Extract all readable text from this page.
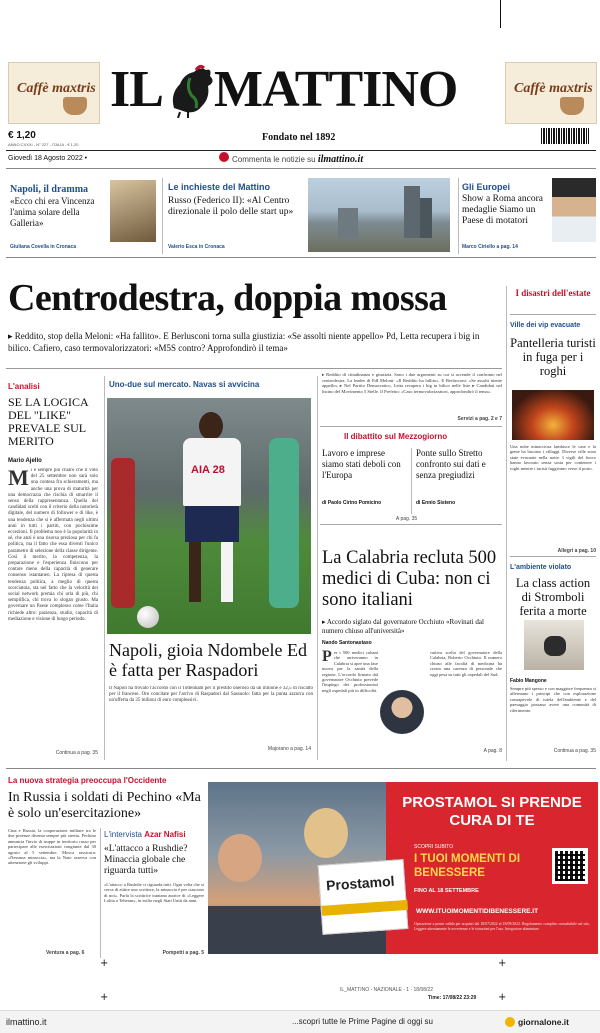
Caffè maxtris	Caffè maxtris
IL MATTINO
€ 1,20
ANNO CXXXI - N° 227 - ITALIA - € 1,20
Fondato nel 1892
Giovedì 18 Agosto 2022 •	Commenta le notizie su ilmattino.it
Napoli, il dramma
«Ecco chi era Vincenza l'anima solare della Galleria»
Giuliana Covella in Cronaca
Le inchieste del Mattino
Russo (Federico II): «Al Centro direzionale il polo delle start up»
Valerio Esca in Cronaca
Gli Europei
Show a Roma ancora medaglie Siamo un Paese di motatori
Marco Ciriello a pag. 14
Centrodestra, doppia mossa
▸ Reddito, stop della Meloni: «Ha fallito». E Berlusconi torna sulla giustizia: «Se assolti niente appello» Pd, Letta recupera i big in bilico. Cafiero, caso termovalorizzatori: «M5S contro? Approfondirò il tema»
I disastri dell'estate
Ville dei vip evacuate
Pantelleria turisti in fuga per i roghi
Una nube minacciosa lambisce le case e la gente ha lasciato i villaggi. Diverse ville sono state evacuate nella notte. I vigili del fuoco hanno lavorato senza sosta per contenere i roghi mentre i turisti fuggivano verso il porto.
Allegri a pag. 10
L'ambiente violato
La class action di Stromboli ferita a morte
Fabio Mangone
Sempre più spesso e con maggiore frequenza si affermano i principi che con esplorazione consapevole di tutela dell'ambiente e del paesaggio possano avere una comunità di riferimento.
Continua a pag. 35
L'analisi
SE LA LOGICA DEL "LIKE" PREVALE SUL MERITO
Mario Ajello
Mi è sempre più chiaro che il voto del 25 settembre non sarà solo una contesa fra schieramenti, ma anche una prova di maturità per una democrazia che rischia di smarrire il senso della rappresentanza. Quella dei candidati scelti con il criterio della notorietà digitale, del numero di follower e di like, è una tendenza che si è affermata negli ultimi anni in tutti i partiti, con pochissime eccezioni. Il problema non è la popolarità in sé, che anzi è una risorsa preziosa per chi fa politica, ma il fatto che essa diventi l'unico parametro di selezione della classe dirigente. Così il merito, la competenza, la preparazione e l'esperienza finiscono per contare meno della capacità di generare consenso istantaneo. La ripresa di questa tendenza politica, a meglio di questa scorciatoia, sta nel fatto che la velocità dei social network premia chi urla di più, chi semplifica, chi trova lo slogan giusto. Ma governare un Paese complesso come l'Italia richiede altro: pazienza, studio, capacità di mediazione e visione di lungo periodo.
Continua a pag. 35
Uno-due sul mercato. Navas si avvicina
AIA 28
Napoli, gioia Ndombele Ed è fatta per Raspadori
Il Napoli ha trovato l'accordo con il Tottenham per il prestito oneroso da un milione e 32,5 di riscatto per il francese. Ore concitate per l'arrivo di Raspadori dal Sassuolo: fatta per la punta azzurra con un'offerta da 35 milioni di euro complessivi.
Majorano a pag. 14
▸ Reddito di cittadinanza e giustizia. Sono i due argomenti su cui si accende il confronto nel centrodestra. La leader di FdI Meloni: «Il Reddito ha fallito». E Berlusconi: «Se assolti niente appello» ▸ Nel Partito Democratico, Letta recupera i big in bilico nelle liste ▸ Candidati nel listino del Movimento 5 Stelle. Il Prefetto: «Caso termovalorizzatori, approfondirò il tema».
Servizi a pag. 2 e 7
Il dibattito sul Mezzogiorno
Lavoro e imprese siamo stati deboli con l'Europa
Ponte sullo Stretto confronto sui dati e senza pregiudizi
di Paolo Cirino Pomicino	di Ennio Sisteno
A pag. 35
La Calabria recluta 500 medici di Cuba: non ci sono italiani
▸ Accordo siglato dal governatore Occhiuto «Rovinati dal numero chiuso all'università»
Nando Santonastaso
Per i 500 medici cubani che arriveranno in Calabria si apre una fase nuova per la sanità della regione. L'accordo firmato dal governatore Occhiuto prevede l'impiego dei professionisti negli ospedali più in difficoltà.
cattiva scelta del governatore della Calabria, Roberto Occhiuto. Il numero chiuso alle facoltà di medicina ha creato una carenza di personale che oggi pesa su tutti gli ospedali del Sud.
A pag. 8
La nuova strategia preoccupa l'Occidente
In Russia i soldati di Pechino «Ma è solo un'esercitazione»
Cina e Russia, la cooperazione militare tra le due potenze diventa sempre più stretta. Pechino annuncia l'invio di truppe in territorio russo per partecipare alle esercitazioni congiunte dal 30 agosto al 5 settembre. Mosca rassicura: «Nessuna minaccia», ma la Nato osserva con attenzione gli sviluppi.
Ventura a pag. 6
L'intervista Azar Nafisi
«L'attacco a Rushdie? Minaccia globale che riguarda tutti»
«L'attacco a Rushdie ci riguarda tutti. Ogni volta che si cerca di zittire uno scrittore, la minaccia è per ciascuno di noi». Parla la scrittrice iraniana autrice di «Leggere Lolita a Teheran», in esilio negli Stati Uniti da anni.
Pompetti a pag. 5
PROSTAMOL SI PRENDE CURA DI TE
SCOPRI SUBITO
I TUOI MOMENTI DI BENESSERE
FINO AL 18 SETTEMBRE
WWW.ITUOIMOMENTIDIBENESSERE.IT
Operazione a premi valida per acquisti dal 18/07/2022 al 18/09/2022. Regolamento completo consultabile sul sito. Leggere attentamente le avvertenze e le istruzioni per l'uso. Integratore alimentare.
Prostamol
IL_MATTINO - NAZIONALE - 1 - 18/08/22
Time: 17/08/22 23:29
+	+
+	+
ilmattino.it	...scopri tutte le Prime Pagine di oggi su	giornalone.it
